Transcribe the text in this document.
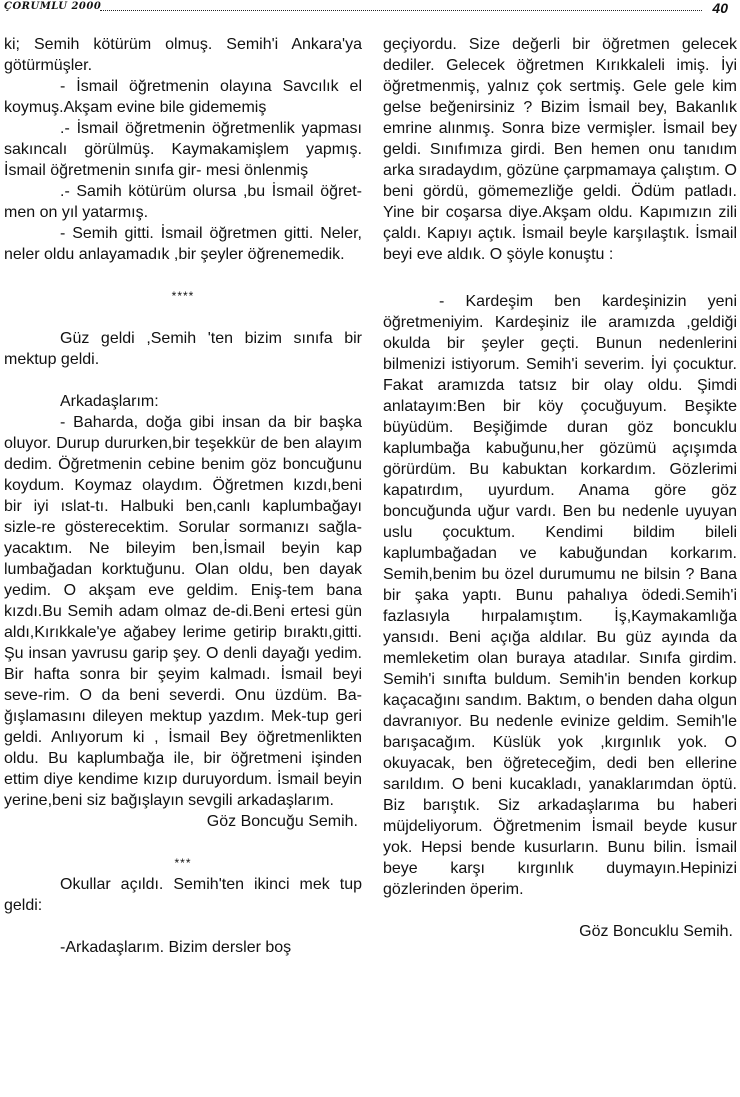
ÇORUMLU 2000	40

ki; Semih kötürüm olmuş. Semih'i Ankara'ya götürmüşler.

- İsmail öğretmenin olayına Savcılık el koymuş.Akşam evine bile gidememiş

.- İsmail öğretmenin öğretmenlik yapması sakıncalı görülmüş. Kaymakamişlem yapmış. İsmail öğretmenin sınıfa gir- mesi önlenmiş

.- Samih kötürüm olursa ,bu İsmail öğret-men on yıl yatarmış.

- Semih gitti. İsmail öğretmen gitti. Neler, neler oldu anlayamadık ,bir şeyler öğrenemedik.

****

Güz geldi ,Semih 'ten bizim sınıfa bir mektup geldi.

Arkadaşlarım:

- Baharda, doğa gibi insan da bir başka oluyor. Durup dururken,bir teşekkür de ben alayım dedim. Öğretmenin cebine benim göz boncuğunu koydum. Koymaz olaydım. Öğretmen kızdı,beni bir iyi ıslat-tı. Halbuki ben,canlı kaplumbağayı sizle-re gösterecektim. Sorular sormanızı sağla-yacaktım. Ne bileyim ben,İsmail beyin kap lumbağadan korktuğunu. Olan oldu, ben dayak yedim. O akşam eve geldim. Eniş-tem bana kızdı.Bu Semih adam olmaz de-di.Beni ertesi gün aldı,Kırıkkale'ye ağabey lerime getirip bıraktı,gitti. Şu insan yavrusu garip şey. O denli dayağı yedim. Bir hafta sonra bir şeyim kalmadı. İsmail beyi seve-rim. O da beni severdi. Onu üzdüm. Ba-ğışlamasını dileyen mektup yazdım. Mek-tup geri geldi. Anlıyorum ki , İsmail Bey öğretmenlikten oldu. Bu kaplumbağa ile, bir öğretmeni işinden ettim diye kendime kızıp duruyordum. İsmail beyin yerine,beni siz bağışlayın sevgili arkadaşlarım.

Göz Boncuğu Semih.

***

Okullar açıldı. Semih'ten ikinci mek tup geldi:

-Arkadaşlarım. Bizim dersler boş

geçiyordu. Size değerli bir öğretmen gelecek dediler. Gelecek öğretmen Kırıkkaleli imiş. İyi öğretmenmiş, yalnız çok sertmiş. Gele gele kim gelse beğenirsiniz ? Bizim İsmail bey, Bakanlık emrine alınmış. Sonra bize vermişler. İsmail bey geldi. Sınıfımıza girdi. Ben hemen onu tanıdım arka sıradaydım, gözüne çarpmamaya çalıştım. O beni gördü, gömemezliğe geldi. Ödüm patladı. Yine bir coşarsa diye.Akşam oldu. Kapımızın zili çaldı. Kapıyı açtık. İsmail beyle karşılaştık. İsmail beyi eve aldık. O şöyle konuştu :

- Kardeşim ben kardeşinizin yeni öğretmeniyim. Kardeşiniz ile aramızda ,geldiği okulda bir şeyler geçti. Bunun nedenlerini bilmenizi istiyorum. Semih'i severim. İyi çocuktur. Fakat aramızda tatsız bir olay oldu. Şimdi anlatayım:Ben bir köy çocuğuyum. Beşikte büyüdüm. Beşiğimde duran göz boncuklu kaplumbağa kabuğunu,her gözümü açışımda görürdüm. Bu kabuktan korkardım. Gözlerimi kapatırdım, uyurdum. Anama göre göz boncuğunda uğur vardı. Ben bu nedenle uyuyan uslu çocuktum. Kendimi bildim bileli kaplumbağadan ve kabuğundan korkarım. Semih,benim bu özel durumumu ne bilsin ? Bana bir şaka yaptı. Bunu pahalıya ödedi.Semih'i fazlasıyla hırpalamıştım. İş,Kaymakamlığa yansıdı. Beni açığa aldılar. Bu güz ayında da memleketim olan buraya atadılar. Sınıfa girdim. Semih'i sınıfta buldum. Semih'in benden korkup kaçacağını sandım. Baktım, o benden daha olgun davranıyor. Bu nedenle evinize geldim. Semih'le barışacağım. Küslük yok ,kırgınlık yok. O okuyacak, ben öğreteceğim, dedi ben ellerine sarıldım. O beni kucakladı, yanaklarımdan öptü. Biz barıştık. Siz arkadaşlarıma bu haberi müjdeliyorum. Öğretmenim İsmail beyde kusur yok. Hepsi bende kusurların. Bunu bilin. İsmail beye karşı kırgınlık duymayın.Hepinizi gözlerinden öperim.

Göz Boncuklu Semih.
